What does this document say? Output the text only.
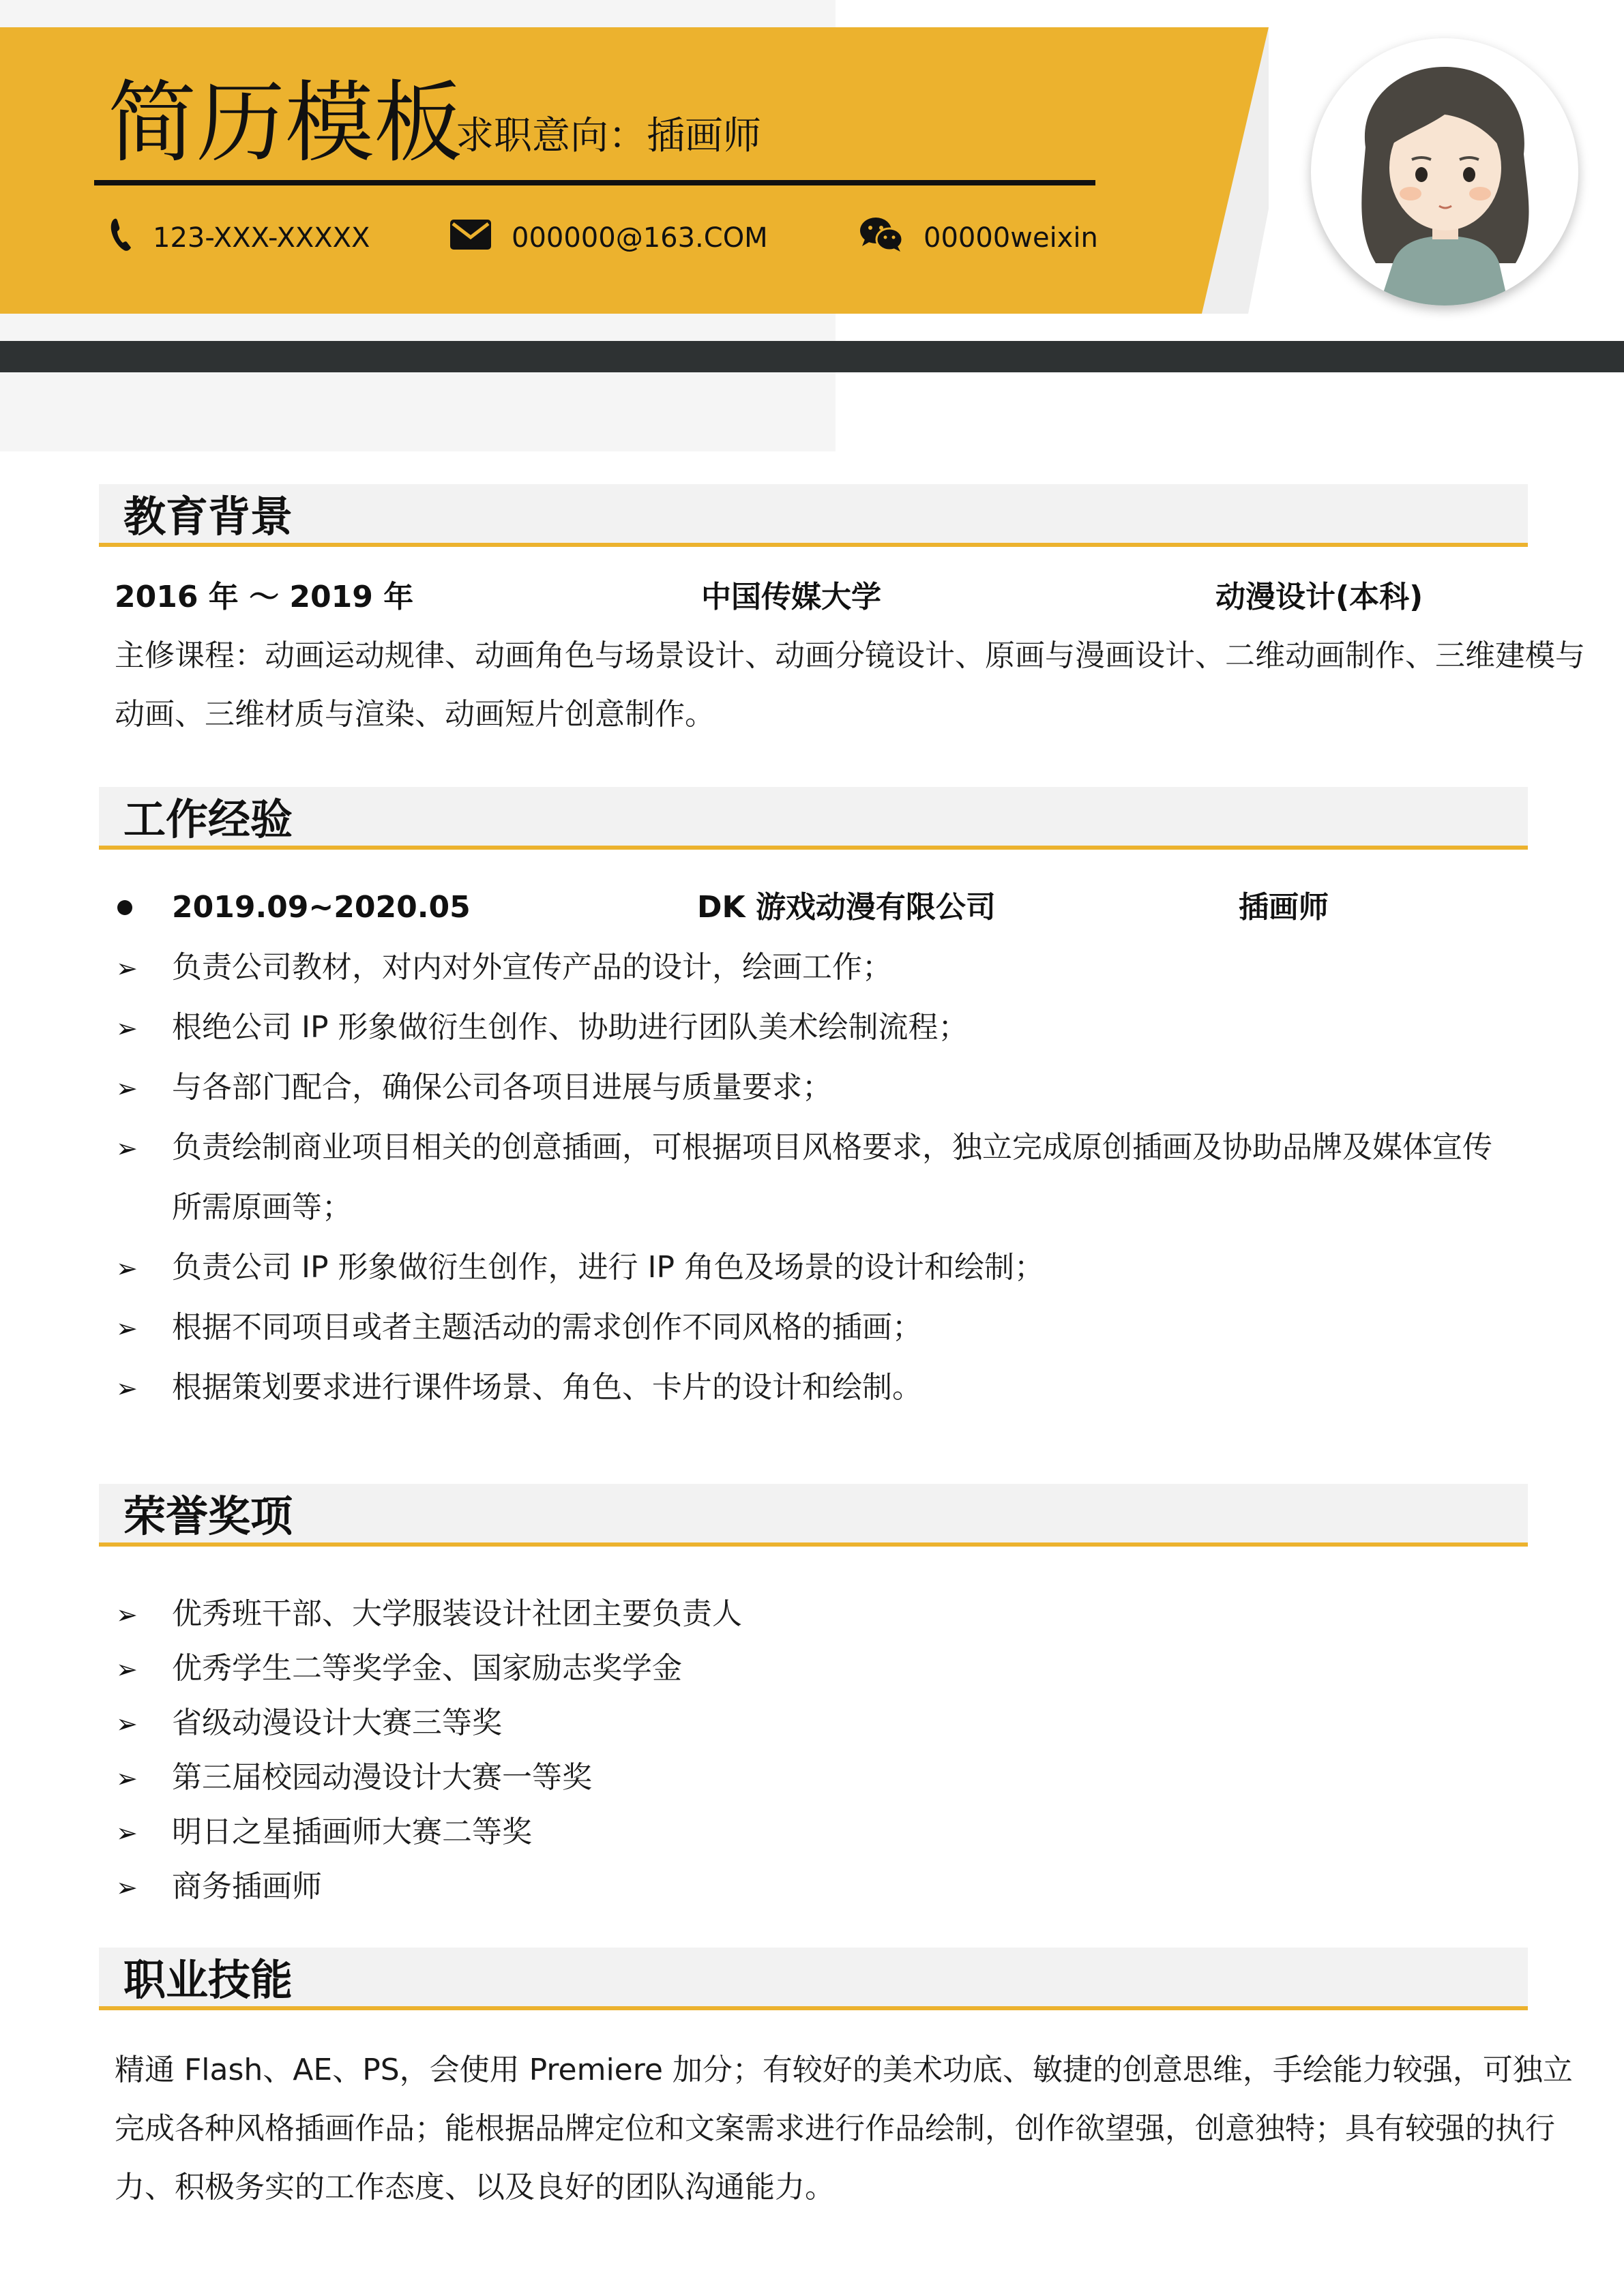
简历模板
求职意向：插画师
123-XXX-XXXXX	000000@163.COM	00000weixin
教育背景
2016 年 ～ 2019 年	中国传媒大学	动漫设计(本科)
主修课程：动画运动规律、动画角色与场景设计、动画分镜设计、原画与漫画设计、二维动画制作、三维建模与
动画、三维材质与渲染、动画短片创意制作。
工作经验
2019.09~2020.05	DK 游戏动漫有限公司	插画师
➢ 负责公司教材，对内对外宣传产品的设计，绘画工作；
➢ 根绝公司 IP 形象做衍生创作、协助进行团队美术绘制流程；
➢ 与各部门配合，确保公司各项目进展与质量要求；
➢ 负责绘制商业项目相关的创意插画，可根据项目风格要求，独立完成原创插画及协助品牌及媒体宣传
所需原画等；
➢ 负责公司 IP 形象做衍生创作，进行 IP 角色及场景的设计和绘制；
➢ 根据不同项目或者主题活动的需求创作不同风格的插画；
➢ 根据策划要求进行课件场景、角色、卡片的设计和绘制。
荣誉奖项
➢ 优秀班干部、大学服装设计社团主要负责人
➢ 优秀学生二等奖学金、国家励志奖学金
➢ 省级动漫设计大赛三等奖
➢ 第三届校园动漫设计大赛一等奖
➢ 明日之星插画师大赛二等奖
➢ 商务插画师
职业技能
精通 Flash、AE、PS，会使用 Premiere 加分；有较好的美术功底、敏捷的创意思维，手绘能力较强，可独立
完成各种风格插画作品；能根据品牌定位和文案需求进行作品绘制，创作欲望强，创意独特；具有较强的执行
力、积极务实的工作态度、以及良好的团队沟通能力。
